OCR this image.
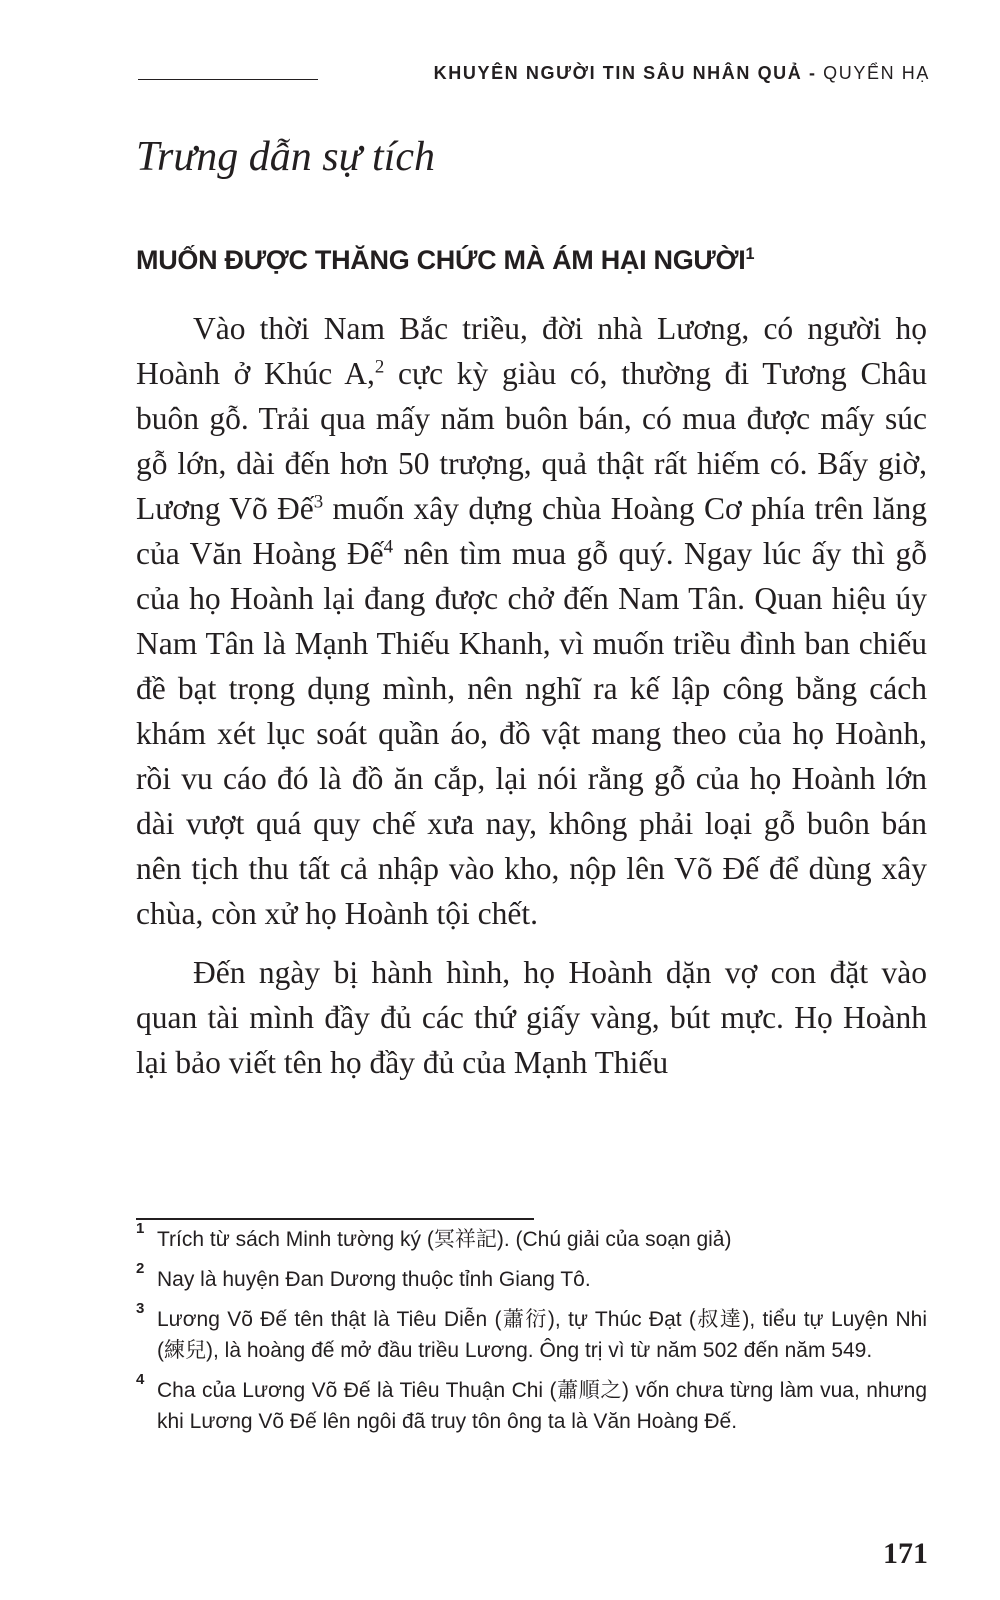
KHUYÊN NGƯỜI TIN SÂU NHÂN QUẢ - QUYỂN HẠ
Trưng dẫn sự tích
MUỐN ĐƯỢC THĂNG CHỨC MÀ ÁM HẠI NGƯỜI$^1$

Vào thời Nam Bắc triều, đời nhà Lương, có người họ Hoành ở Khúc A,$^2$ cực kỳ giàu có, thường đi Tương Châu buôn gỗ. Trải qua mấy năm buôn bán, có mua được mấy súc gỗ lớn, dài đến hơn 50 trượng, quả thật rất hiếm có. Bấy giờ, Lương Võ Đế$^3$ muốn xây dựng chùa Hoàng Cơ phía trên lăng của Văn Hoàng Đế$^4$ nên tìm mua gỗ quý. Ngay lúc ấy thì gỗ của họ Hoành lại đang được chở đến Nam Tân. Quan hiệu úy Nam Tân là Mạnh Thiếu Khanh, vì muốn triều đình ban chiếu đề bạt trọng dụng mình, nên nghĩ ra kế lập công bằng cách khám xét lục soát quần áo, đồ vật mang theo của họ Hoành, rồi vu cáo đó là đồ ăn cắp, lại nói rằng gỗ của họ Hoành lớn dài vượt quá quy chế xưa nay, không phải loại gỗ buôn bán nên tịch thu tất cả nhập vào kho, nộp lên Võ Đế để dùng xây chùa, còn xử họ Hoành tội chết.

Đến ngày bị hành hình, họ Hoành dặn vợ con đặt vào quan tài mình đầy đủ các thứ giấy vàng, bút mực. Họ Hoành lại bảo viết tên họ đầy đủ của Mạnh Thiếu

1 Trích từ sách Minh tường ký (冥祥記). (Chú giải của soạn giả)

2 Nay là huyện Đan Dương thuộc tỉnh Giang Tô.

3 Lương Võ Đế tên thật là Tiêu Diễn (蕭衍), tự Thúc Đạt (叔達), tiểu tự Luyện Nhi (練兒), là hoàng đế mở đầu triều Lương. Ông trị vì từ năm 502 đến năm 549.

4 Cha của Lương Võ Đế là Tiêu Thuận Chi (蕭順之) vốn chưa từng làm vua, nhưng khi Lương Võ Đế lên ngôi đã truy tôn ông ta là Văn Hoàng Đế.

171
